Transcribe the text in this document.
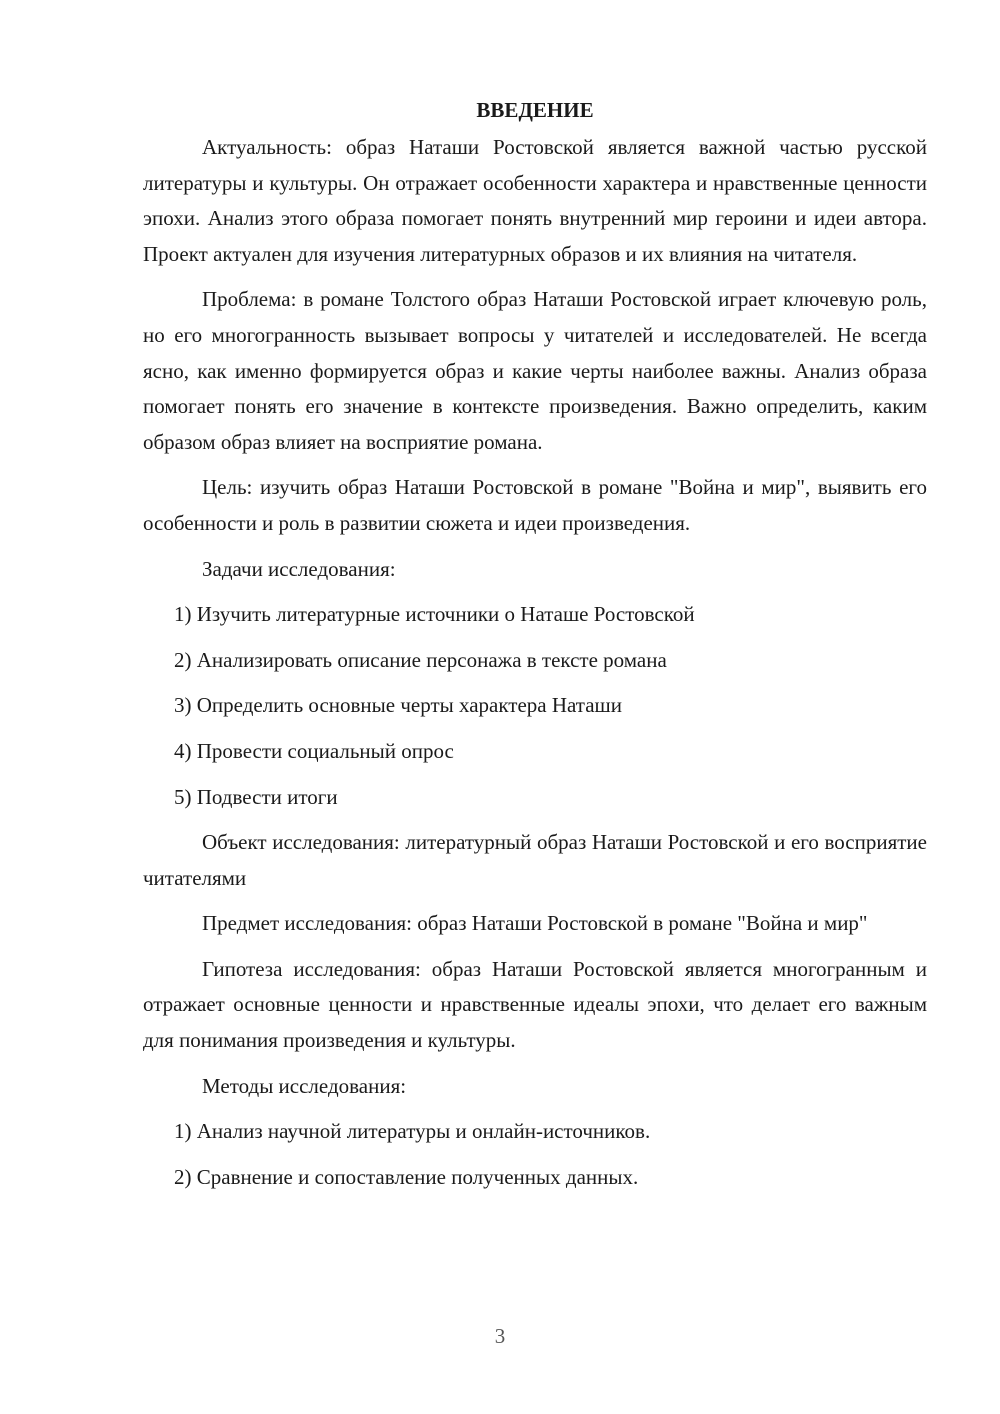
ВВЕДЕНИЕ

Актуальность: образ Наташи Ростовской является важной частью русской литературы и культуры. Он отражает особенности характера и нравственные ценности эпохи. Анализ этого образа помогает понять внутренний мир героини и идеи автора. Проект актуален для изучения литературных образов и их влияния на читателя.

Проблема: в романе Толстого образ Наташи Ростовской играет ключевую роль, но его многогранность вызывает вопросы у читателей и исследователей. Не всегда ясно, как именно формируется образ и какие черты наиболее важны. Анализ образа помогает понять его значение в контексте произведения. Важно определить, каким образом образ влияет на восприятие романа.

Цель: изучить образ Наташи Ростовской в романе "Война и мир", выявить его особенности и роль в развитии сюжета и идеи произведения.

Задачи исследования:

1) Изучить литературные источники о Наташе Ростовской

2) Анализировать описание персонажа в тексте романа

3) Определить основные черты характера Наташи

4) Провести социальный опрос

5) Подвести итоги

Объект исследования: литературный образ Наташи Ростовской и его восприятие читателями

Предмет исследования: образ Наташи Ростовской в романе "Война и мир"

Гипотеза исследования: образ Наташи Ростовской является многогранным и отражает основные ценности и нравственные идеалы эпохи, что делает его важным для понимания произведения и культуры.

Методы исследования:

1) Анализ научной литературы и онлайн-источников.

2) Сравнение и сопоставление полученных данных.

3
